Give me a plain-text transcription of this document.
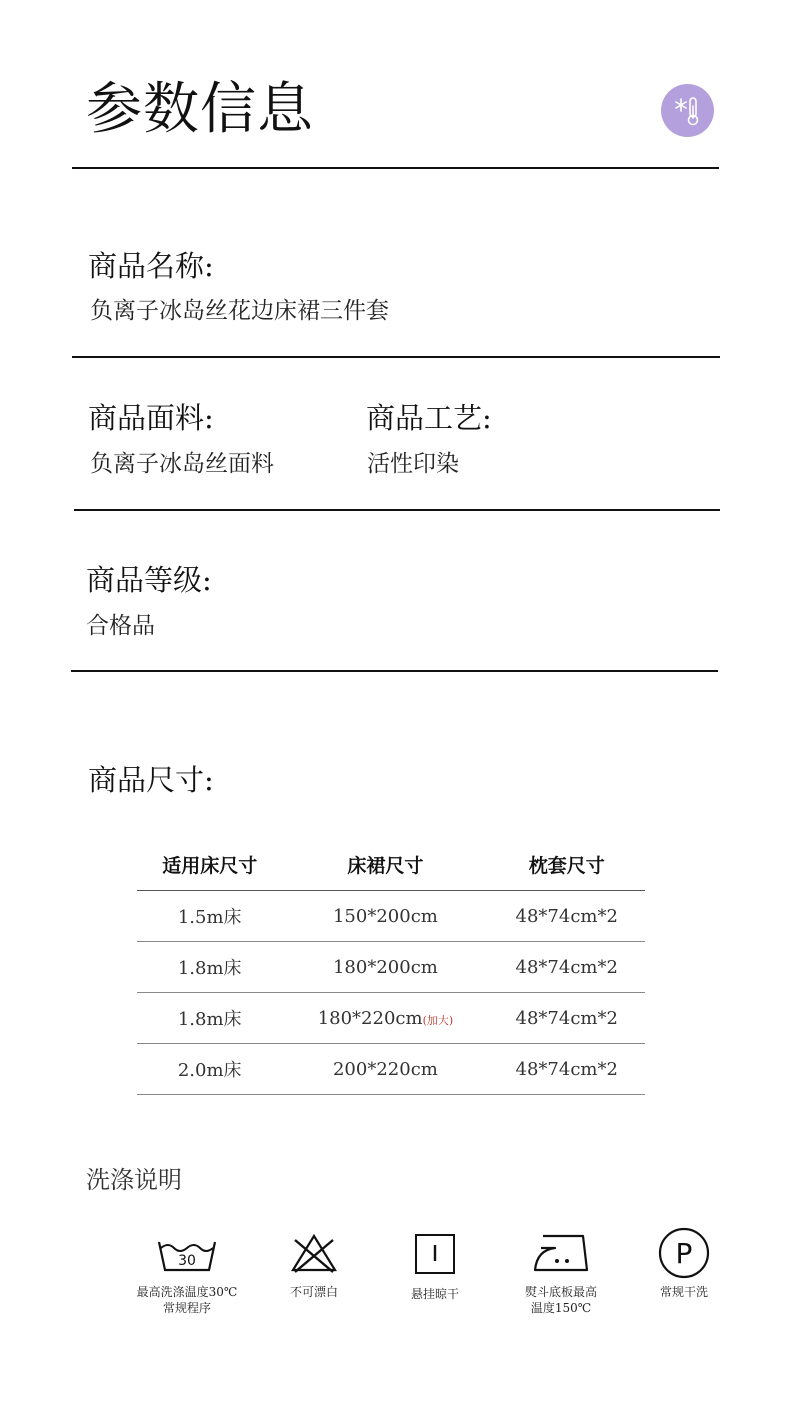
参数信息
商品名称:
负离子冰岛丝花边床裙三件套
商品面料:
负离子冰岛丝面料
商品工艺:
活性印染
商品等级:
合格品
商品尺寸:
适用床尺寸	床裙尺寸	枕套尺寸
1.5m床	150*200cm	48*74cm*2
1.8m床	180*200cm	48*74cm*2
1.8m床	180*220cm(加大)	48*74cm*2
2.0m床	200*220cm	48*74cm*2
洗涤说明
30
最高洗涤温度30℃
常规程序
不可漂白	悬挂晾干	熨斗底板最高
温度150℃
P
常规干洗
